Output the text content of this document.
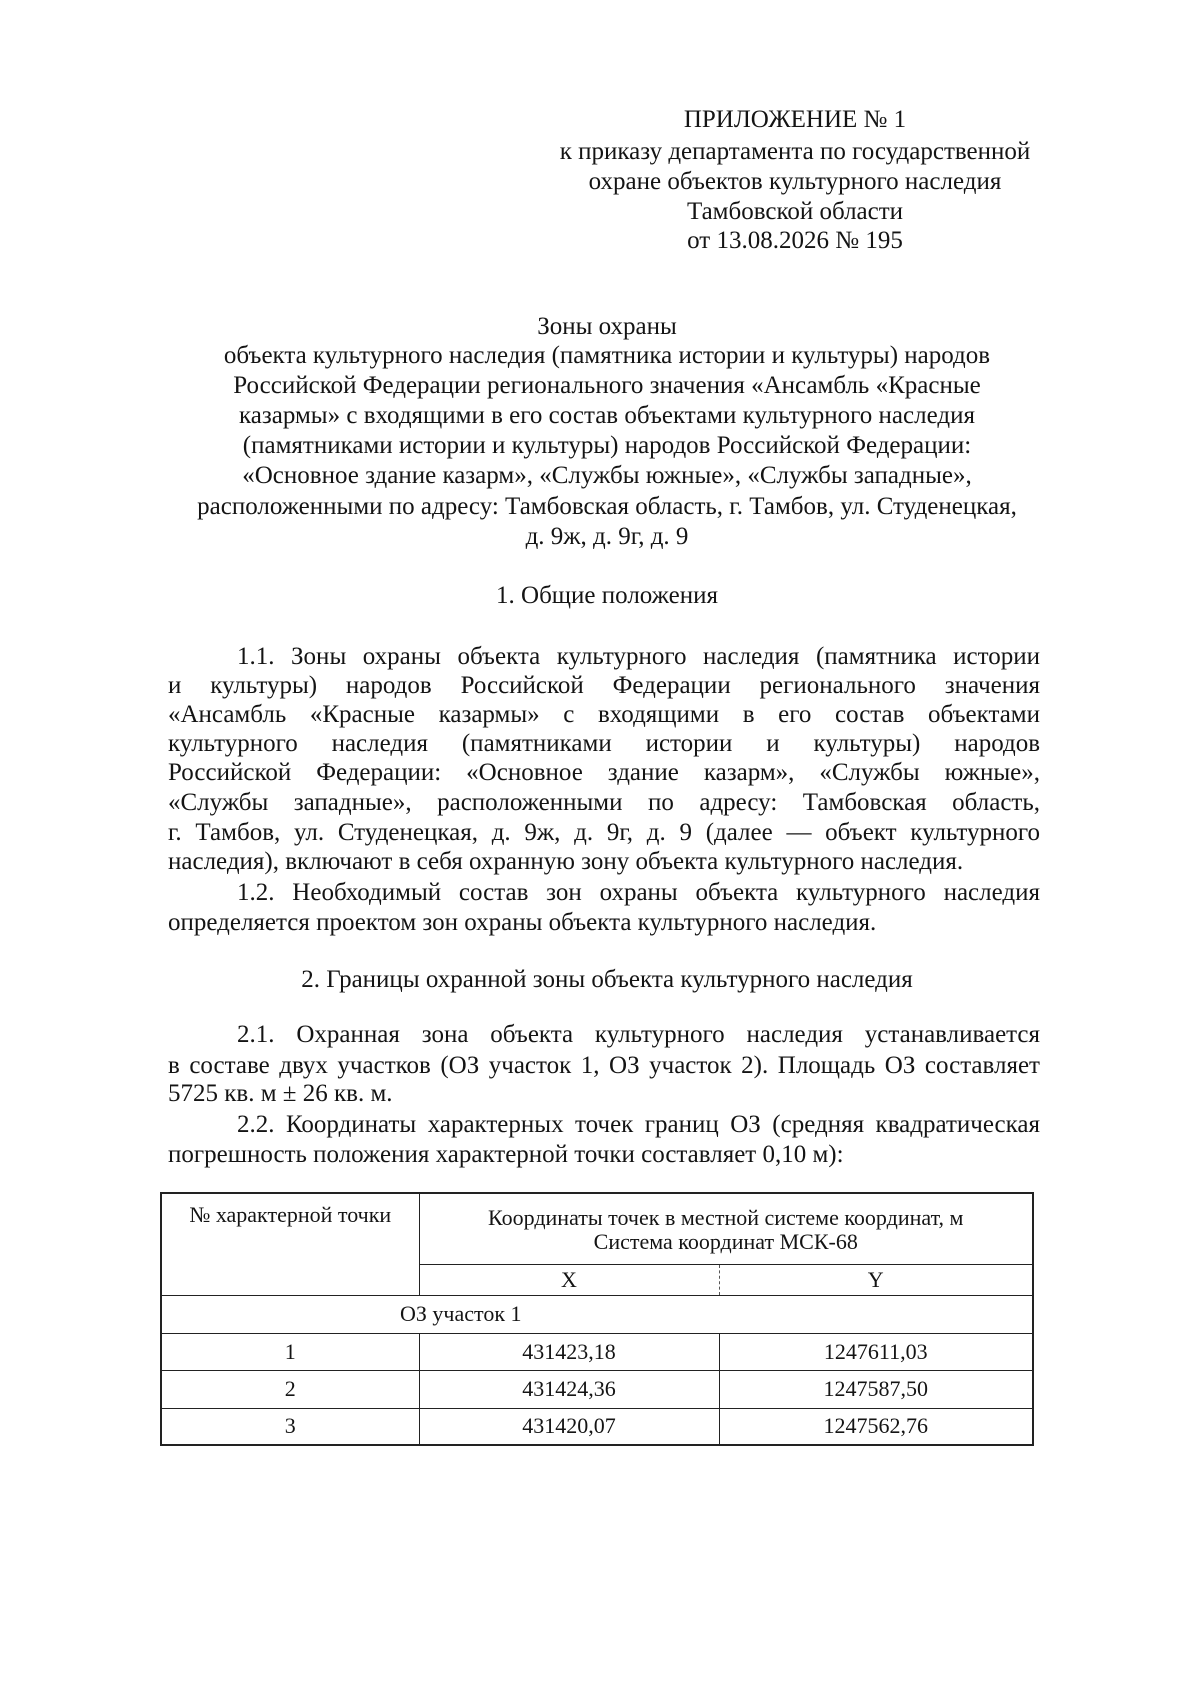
ПРИЛОЖЕНИЕ № 1
к приказу департамента по государственной
охране объектов культурного наследия
Тамбовской области
от 13.08.2026 № 195
Зоны охраны
объекта культурного наследия (памятника истории и культуры) народов
Российской Федерации регионального значения «Ансамбль «Красные
казармы» с входящими в его состав объектами культурного наследия
(памятниками истории и культуры) народов Российской Федерации:
«Основное здание казарм», «Службы южные», «Службы западные»,
расположенными по адресу: Тамбовская область, г. Тамбов, ул. Студенецкая,
д. 9ж, д. 9г, д. 9
1. Общие положения
1.1. Зоны охраны объекта культурного наследия (памятника истории
и культуры) народов Российской Федерации регионального значения
«Ансамбль «Красные казармы» с входящими в его состав объектами
культурного наследия (памятниками истории и культуры) народов
Российской Федерации: «Основное здание казарм», «Службы южные»,
«Службы западные», расположенными по адресу: Тамбовская область,
г. Тамбов, ул. Студенецкая, д. 9ж, д. 9г, д. 9 (далее — объект культурного
наследия), включают в себя охранную зону объекта культурного наследия.
1.2. Необходимый состав зон охраны объекта культурного наследия
определяется проектом зон охраны объекта культурного наследия.
2. Границы охранной зоны объекта культурного наследия
2.1. Охранная зона объекта культурного наследия устанавливается
в составе двух участков (ОЗ участок 1, ОЗ участок 2). Площадь ОЗ составляет
5725 кв. м ± 26 кв. м.
2.2. Координаты характерных точек границ ОЗ (средняя квадратическая
погрешность положения характерной точки составляет 0,10 м):
№ характерной точки	Координаты точек в местной системе координат, м
Система координат МСК-68	

	X	Y
ОЗ участок 1		
1	431423,18	1247611,03
2	431424,36	1247587,50
3	431420,07	1247562,76
